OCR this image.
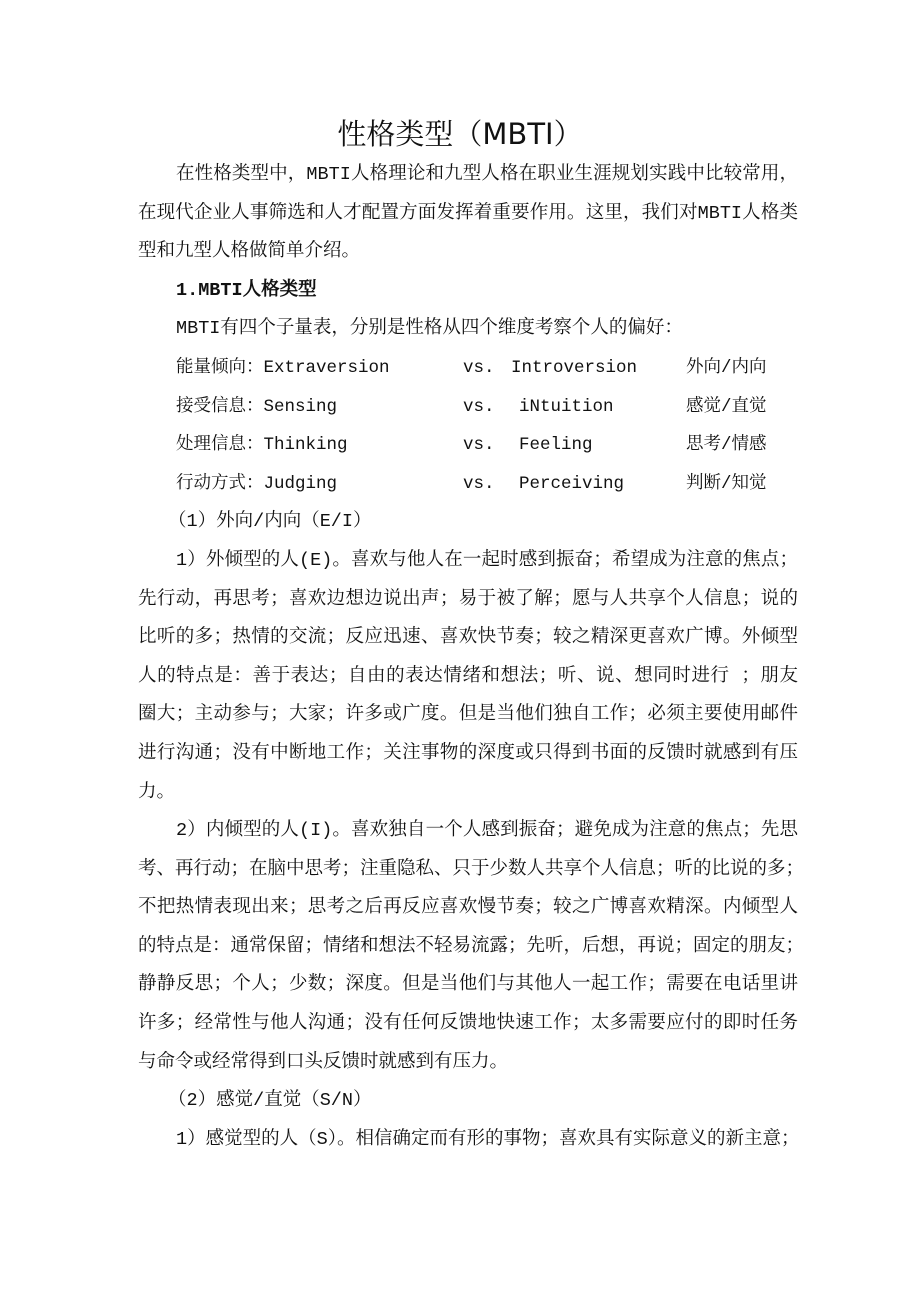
性格类型（MBTI）
在性格类型中，MBTI人格理论和九型人格在职业生涯规划实践中比较常用，
在现代企业人事筛选和人才配置方面发挥着重要作用。这里，我们对MBTI人格类
型和九型人格做简单介绍。
1.MBTI人格类型
MBTI有四个子量表，分别是性格从四个维度考察个人的偏好：
能量倾向：Extraversion	vs. Introversion	外向/内向
接受信息：Sensing	vs. iNtuition	感觉/直觉
处理信息：Thinking	vs. Feeling	思考/情感
行动方式：Judging	vs. Perceiving	判断/知觉
（1）外向/内向（E/I）
1）外倾型的人(E)。喜欢与他人在一起时感到振奋；希望成为注意的焦点；
先行动，再思考；喜欢边想边说出声；易于被了解；愿与人共享个人信息；说的
比听的多；热情的交流；反应迅速、喜欢快节奏；较之精深更喜欢广博。外倾型
人的特点是：善于表达；自由的表达情绪和想法；听、说、想同时进行 ；朋友
圈大；主动参与；大家；许多或广度。但是当他们独自工作；必须主要使用邮件
进行沟通；没有中断地工作；关注事物的深度或只得到书面的反馈时就感到有压
力。
2）内倾型的人(I)。喜欢独自一个人感到振奋；避免成为注意的焦点；先思
考、再行动；在脑中思考；注重隐私、只于少数人共享个人信息；听的比说的多；
不把热情表现出来；思考之后再反应喜欢慢节奏；较之广博喜欢精深。内倾型人
的特点是：通常保留；情绪和想法不轻易流露；先听，后想，再说；固定的朋友；
静静反思；个人；少数；深度。但是当他们与其他人一起工作；需要在电话里讲
许多；经常性与他人沟通；没有任何反馈地快速工作；太多需要应付的即时任务
与命令或经常得到口头反馈时就感到有压力。
（2）感觉/直觉（S/N）
1）感觉型的人（S）。相信确定而有形的事物；喜欢具有实际意义的新主意；
